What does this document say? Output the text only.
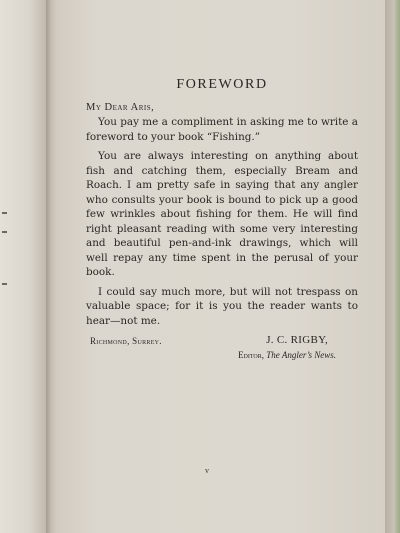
FOREWORD
My Dear Aris,

You pay me a compliment in asking me to write a foreword to your book “Fishing.”

You are always interesting on anything about fish and catching them, especially Bream and Roach. I am pretty safe in saying that any angler who consults your book is bound to pick up a good few wrinkles about fishing for them. He will find right pleasant reading with some very interesting and beautiful pen-and-ink drawings, which will well repay any time spent in the perusal of your book.

I could say much more, but will not trespass on valuable space; for it is you the reader wants to hear—not me.

J. C. RIGBY,
Editor, The Angler’s News.
Richmond, Surrey.
v
